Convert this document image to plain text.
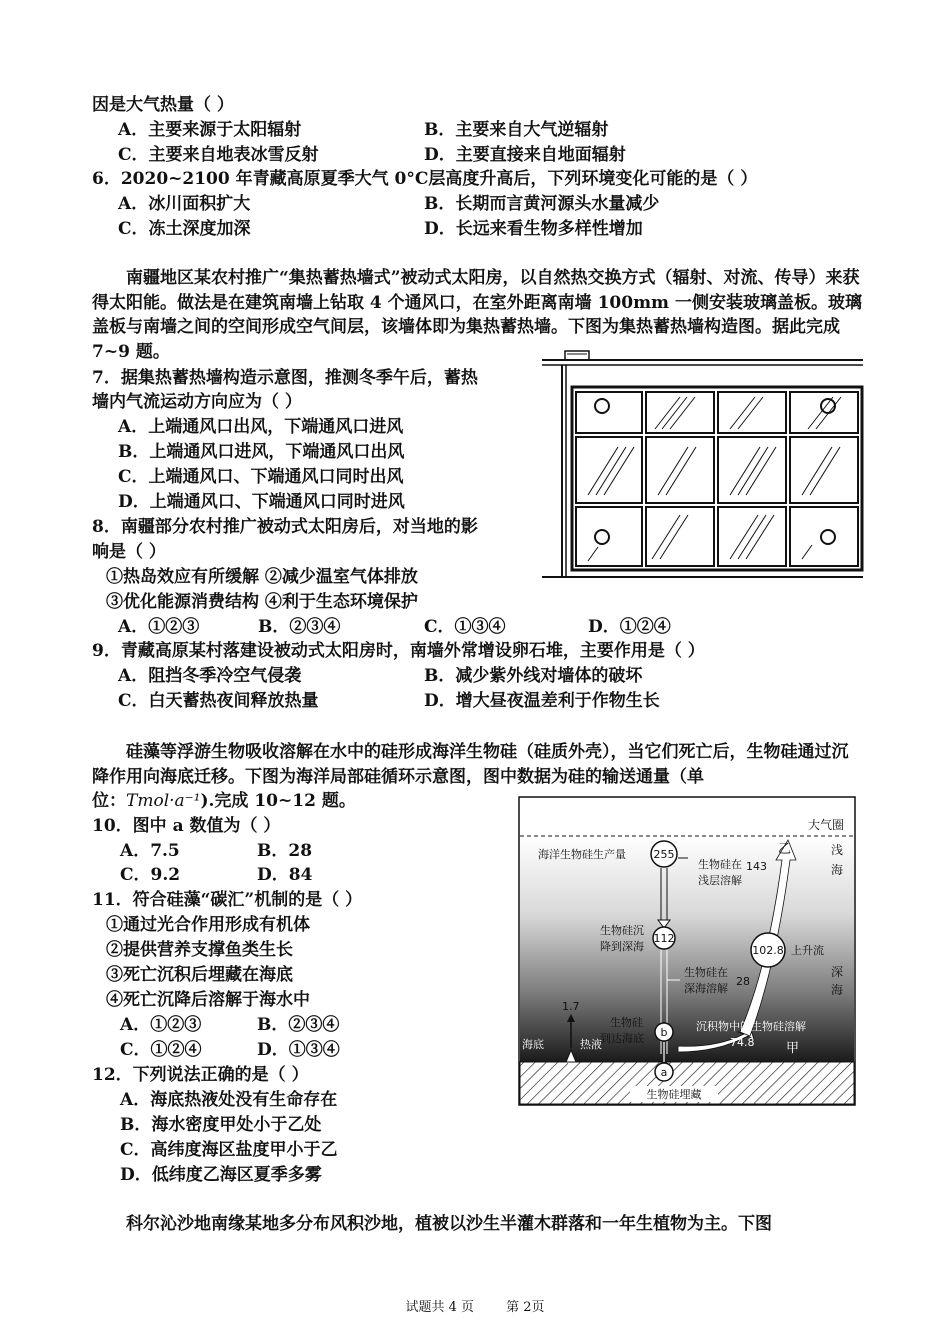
因是大气热量（ ）
A．主要来源于太阳辐射	B．主要来自大气逆辐射
C．主要来自地表冰雪反射	D．主要直接来自地面辐射
6．2020~2100 年青藏高原夏季大气 0°C层高度升高后，下列环境变化可能的是（ ）
A．冰川面积扩大	B．长期而言黄河源头水量减少
C．冻土深度加深	D．长远来看生物多样性增加
南疆地区某农村推广“集热蓄热墙式”被动式太阳房，以自然热交换方式（辐射、对流、传导）来获得太阳能。做法是在建筑南墙上钻取 4 个通风口，在室外距离南墙 100mm 一侧安装玻璃盖板。玻璃盖板与南墙之间的空间形成空气间层，该墙体即为集热蓄热墙。下图为集热蓄热墙构造图。据此完成 7~9 题。
7．据集热蓄热墙构造示意图，推测冬季午后，蓄热
墙内气流运动方向应为（ ）
A．上端通风口出风，下端通风口进风
B．上端通风口进风，下端通风口出风
C．上端通风口、下端通风口同时出风
D．上端通风口、下端通风口同时进风
8．南疆部分农村推广被动式太阳房后，对当地的影
响是（ ）
①热岛效应有所缓解 ②减少温室气体排放
③优化能源消费结构 ④利于生态环境保护
A．①②③	B．②③④	C．①③④	D．①②④
9．青藏高原某村落建设被动式太阳房时，南墙外常增设卵石堆，主要作用是（ ）
A．阻挡冬季冷空气侵袭	B．减少紫外线对墙体的破坏
C．白天蓄热夜间释放热量	D．增大昼夜温差利于作物生长
硅藻等浮游生物吸收溶解在水中的硅形成海洋生物硅（硅质外壳），当它们死亡后，生物硅通过沉降作用向海底迁移。下图为海洋局部硅循环示意图，图中数据为硅的输送通量（单
位：Tmol·a⁻¹).完成 10~12 题。
10．图中 a 数值为（ ）
A．7.5	B．28
C．9.2	D．84
11．符合硅藻“碳汇”机制的是（ ）
①通过光合作用形成有机体
②提供营养支撑鱼类生长
③死亡沉积后埋藏在海底
④死亡沉降后溶解于海水中
A．①②③	B．②③④
C．①②④	D．①③④
12．下列说法正确的是（ ）
A．海底热液处没有生命存在
B．海水密度甲处小于乙处
C．高纬度海区盐度甲小于乙
D．低纬度乙海区夏季多雾
大气圈
浅
海
深
海
海洋生物硅生产量	255
生物硅在
浅层溶解
143
生物硅沉
降到深海
112
生物硅在
深海溶解
28
生物硅
到达海底 b
a
102.8 上升流
乙
沉积物中的生物硅溶解
74.8 甲
1.7
海底	热液
生物硅埋藏
科尔沁沙地南缘某地多分布风积沙地，植被以沙生半灌木群落和一年生植物为主。下图
试题共 4 页 第 2页
